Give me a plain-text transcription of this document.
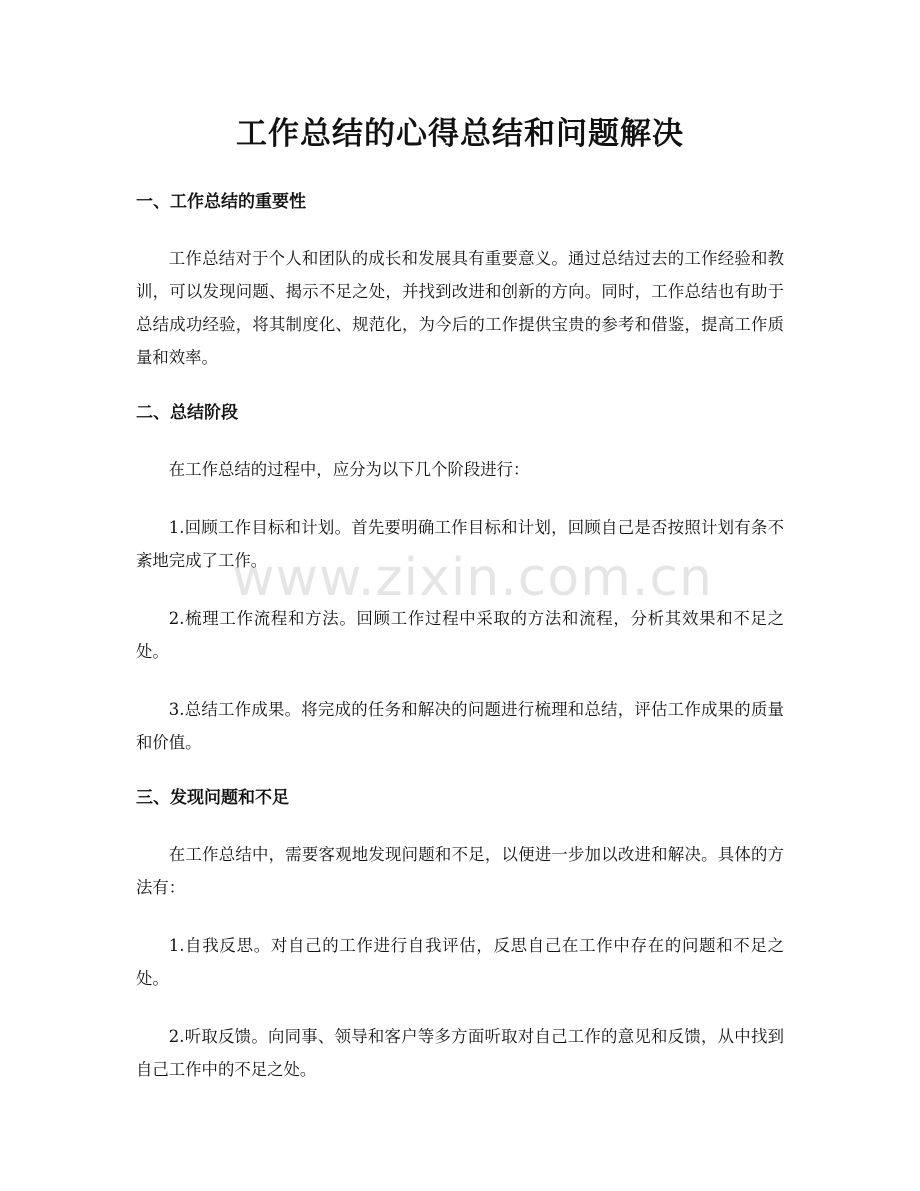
工作总结的心得总结和问题解决
一、工作总结的重要性

工作总结对于个人和团队的成长和发展具有重要意义。通过总结过去的工作经验和教训，可以发现问题、揭示不足之处，并找到改进和创新的方向。同时，工作总结也有助于总结成功经验，将其制度化、规范化，为今后的工作提供宝贵的参考和借鉴，提高工作质量和效率。

二、总结阶段

在工作总结的过程中，应分为以下几个阶段进行：

1.回顾工作目标和计划。首先要明确工作目标和计划，回顾自己是否按照计划有条不紊地完成了工作。

2.梳理工作流程和方法。回顾工作过程中采取的方法和流程，分析其效果和不足之处。

3.总结工作成果。将完成的任务和解决的问题进行梳理和总结，评估工作成果的质量和价值。

三、发现问题和不足

在工作总结中，需要客观地发现问题和不足，以便进一步加以改进和解决。具体的方法有：

1.自我反思。对自己的工作进行自我评估，反思自己在工作中存在的问题和不足之处。

2.听取反馈。向同事、领导和客户等多方面听取对自己工作的意见和反馈，从中找到自己工作中的不足之处。

www.zixin.com.cn
